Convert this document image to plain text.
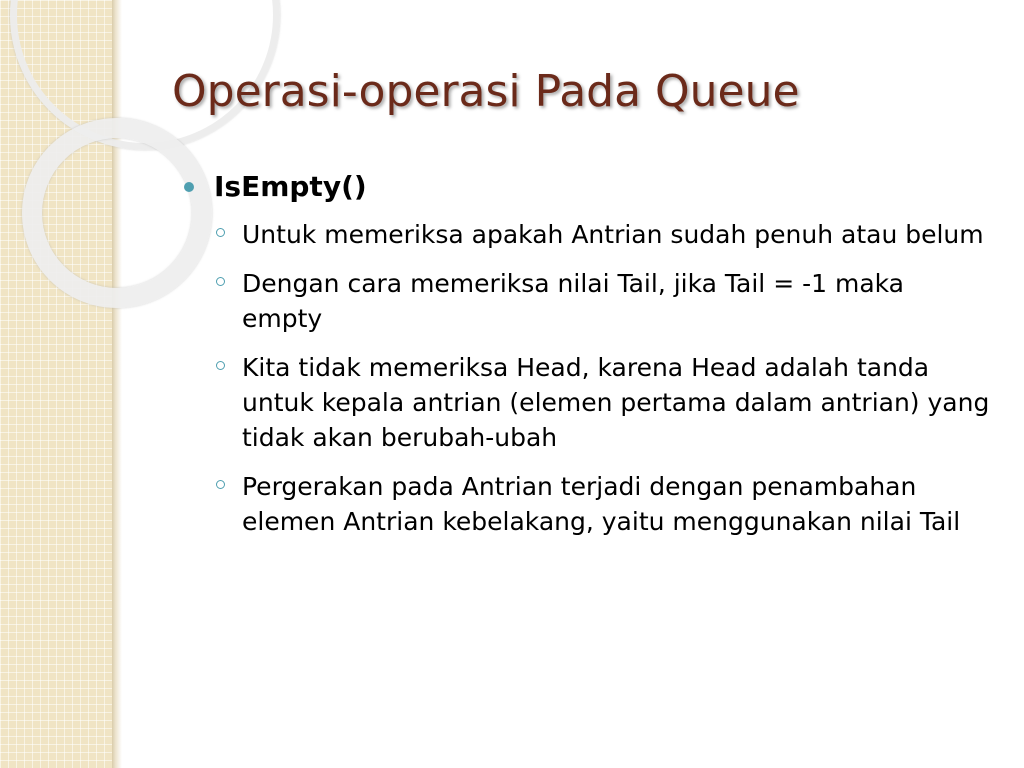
Operasi-operasi Pada Queue
IsEmpty()
Untuk memeriksa apakah Antrian sudah penuh atau belum
Dengan cara memeriksa nilai Tail, jika Tail = -1 maka empty
Kita tidak memeriksa Head, karena Head adalah tanda untuk kepala antrian (elemen pertama dalam antrian) yang tidak akan berubah-ubah
Pergerakan pada Antrian terjadi dengan penambahan elemen Antrian kebelakang, yaitu menggunakan nilai Tail
